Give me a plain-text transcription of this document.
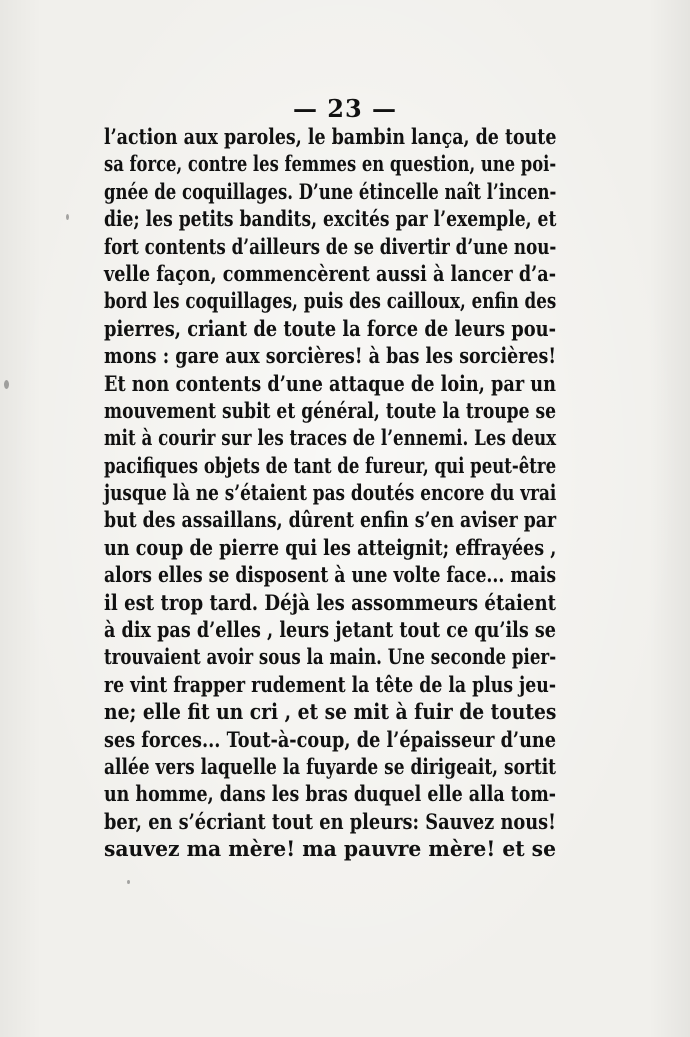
— 23 —
l’action aux paroles, le bambin lança, de toute
sa force, contre les femmes en question, une poi-
gnée de coquillages. D’une étincelle naît l’incen-
die; les petits bandits, excités par l’exemple, et
fort contents d’ailleurs de se divertir d’une nou-
velle façon, commencèrent aussi à lancer d’a-
bord les coquillages, puis des cailloux, enfin des
pierres, criant de toute la force de leurs pou-
mons : gare aux sorcières! à bas les sorcières!
Et non contents d’une attaque de loin, par un
mouvement subit et général, toute la troupe se
mit à courir sur les traces de l’ennemi. Les deux
pacifiques objets de tant de fureur, qui peut-être
jusque là ne s’étaient pas doutés encore du vrai
but des assaillans, dûrent enfin s’en aviser par
un coup de pierre qui les atteignit; effrayées ,
alors elles se disposent à une volte face... mais
il est trop tard. Déjà les assommeurs étaient
à dix pas d’elles , leurs jetant tout ce qu’ils se
trouvaient avoir sous la main. Une seconde pier-
re vint frapper rudement la tête de la plus jeu-
ne; elle fit un cri , et se mit à fuir de toutes
ses forces... Tout-à-coup, de l’épaisseur d’une
allée vers laquelle la fuyarde se dirigeait, sortit
un homme, dans les bras duquel elle alla tom-
ber, en s’écriant tout en pleurs: Sauvez nous!
sauvez ma mère! ma pauvre mère! et se
